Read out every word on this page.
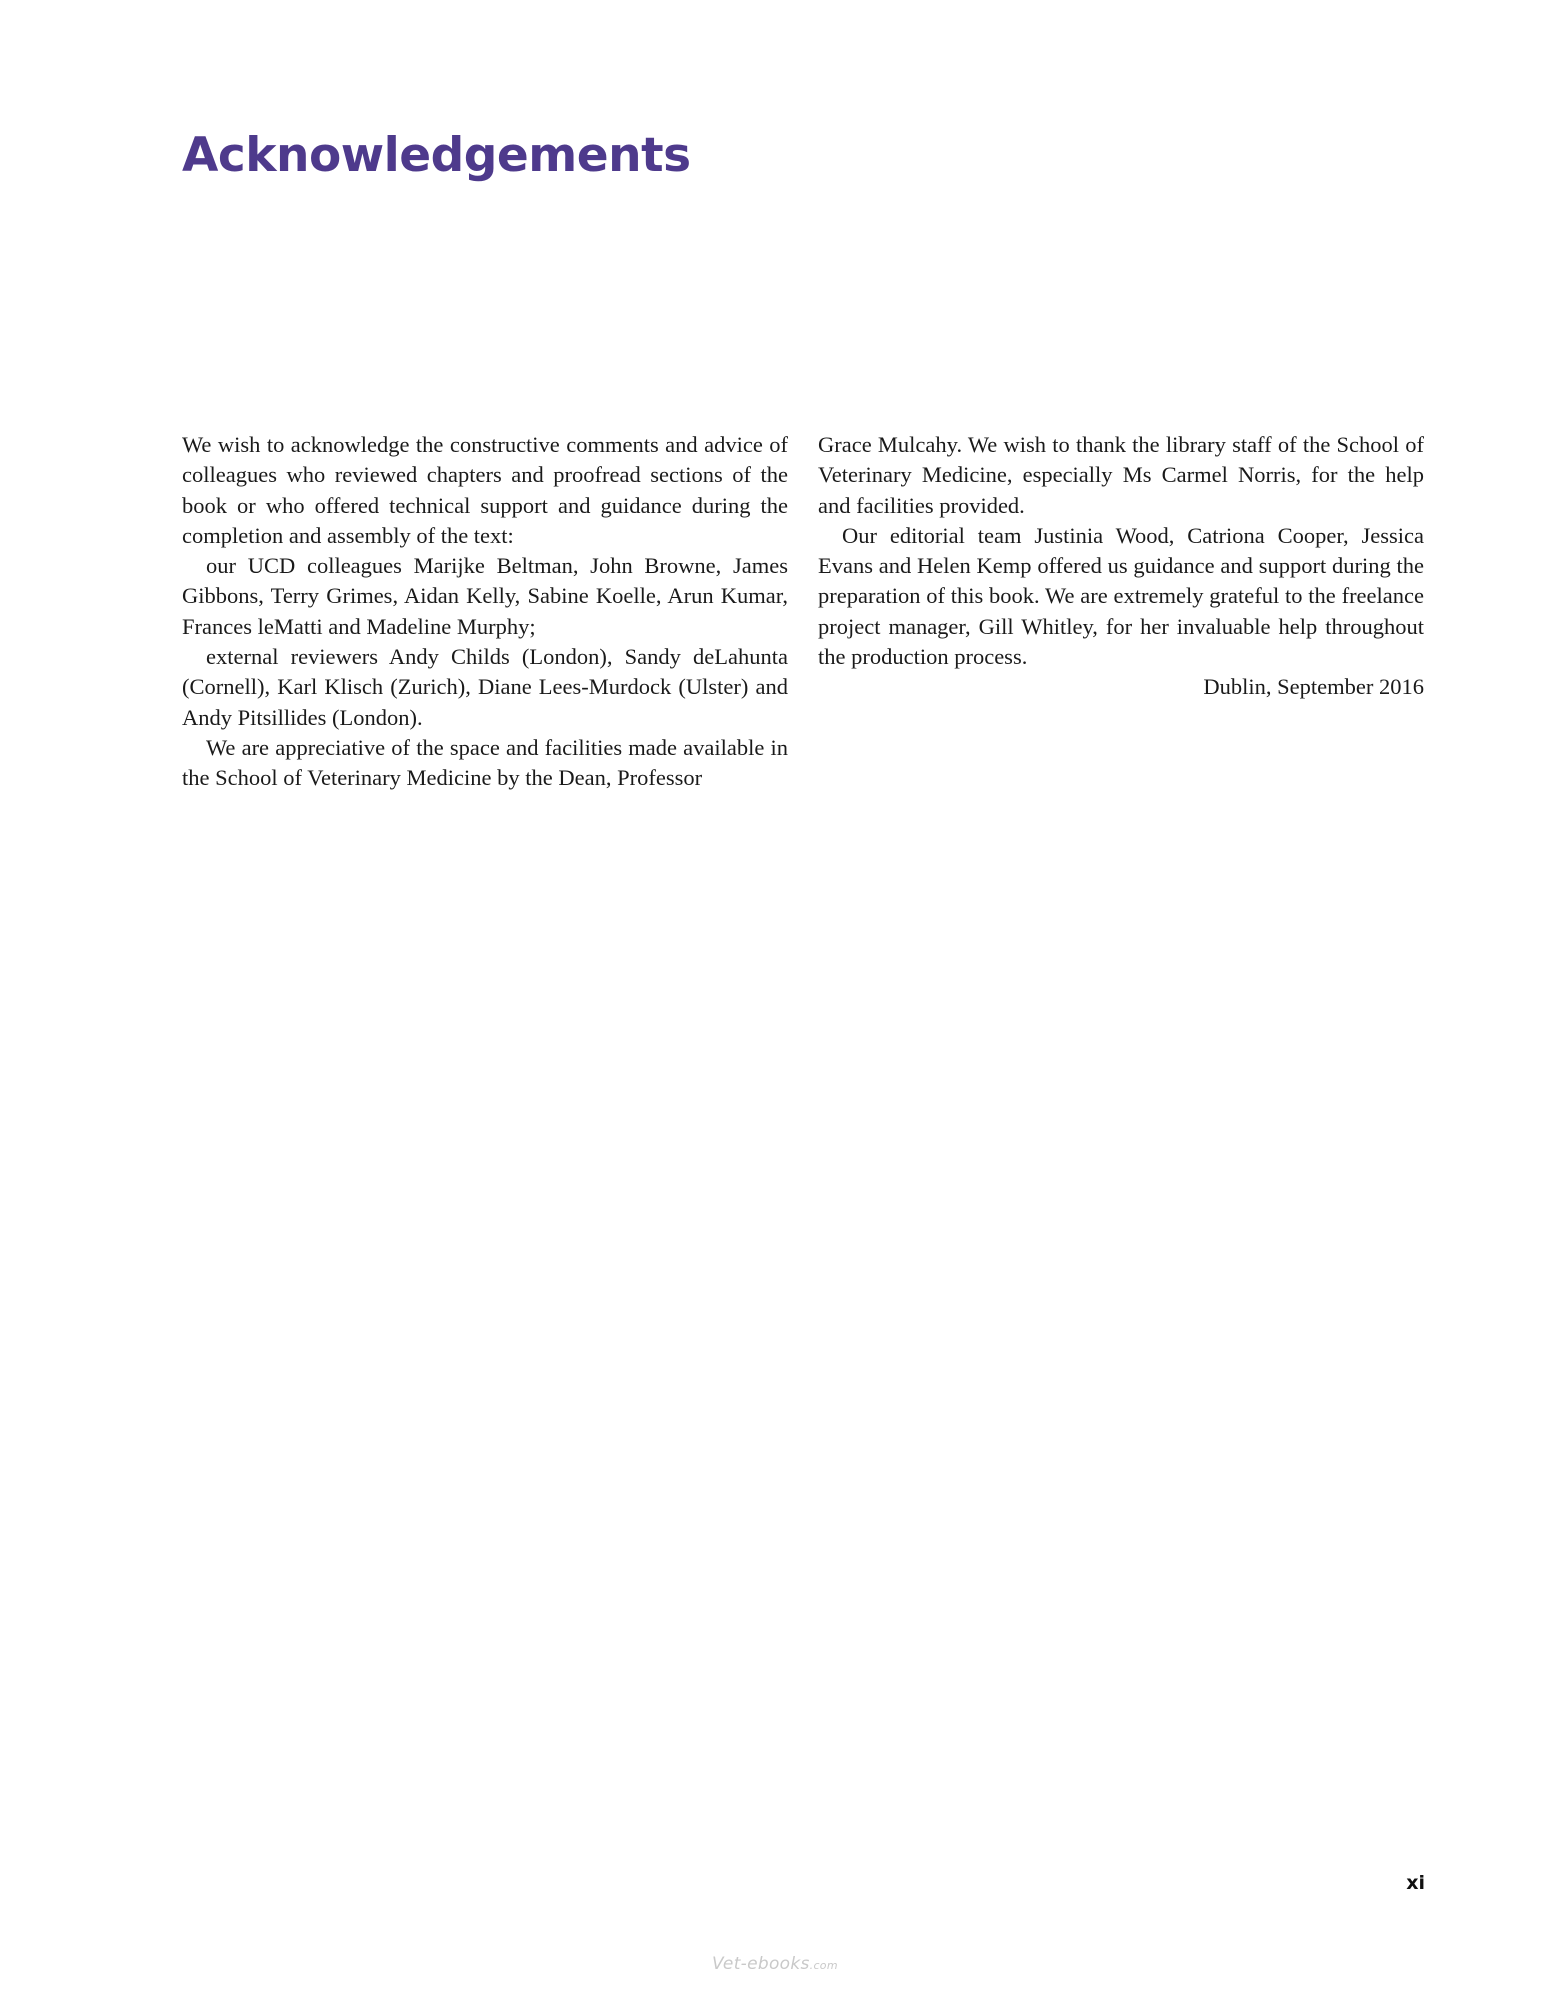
Acknowledgements

We wish to acknowledge the constructive comments and advice of colleagues who reviewed chapters and proofread sections of the book or who offered technical support and guidance during the completion and assembly of the text:

our UCD colleagues Marijke Beltman, John Browne, James Gibbons, Terry Grimes, Aidan Kelly, Sabine Koelle, Arun Kumar, Frances leMatti and Madeline Murphy;

external reviewers Andy Childs (London), Sandy deLahunta (Cornell), Karl Klisch (Zurich), Diane Lees-Murdock (Ulster) and Andy Pitsillides (London).

We are appreciative of the space and facilities made available in the School of Veterinary Medicine by the Dean, Professor

Grace Mulcahy. We wish to thank the library staff of the School of Veterinary Medicine, especially Ms Carmel Norris, for the help and facilities provided.

Our editorial team Justinia Wood, Catriona Cooper, Jessica Evans and Helen Kemp offered us guidance and support during the preparation of this book. We are extremely grateful to the freelance project manager, Gill Whitley, for her invaluable help throughout the production process.

Dublin, September 2016

xi
Vet-ebooks.com
